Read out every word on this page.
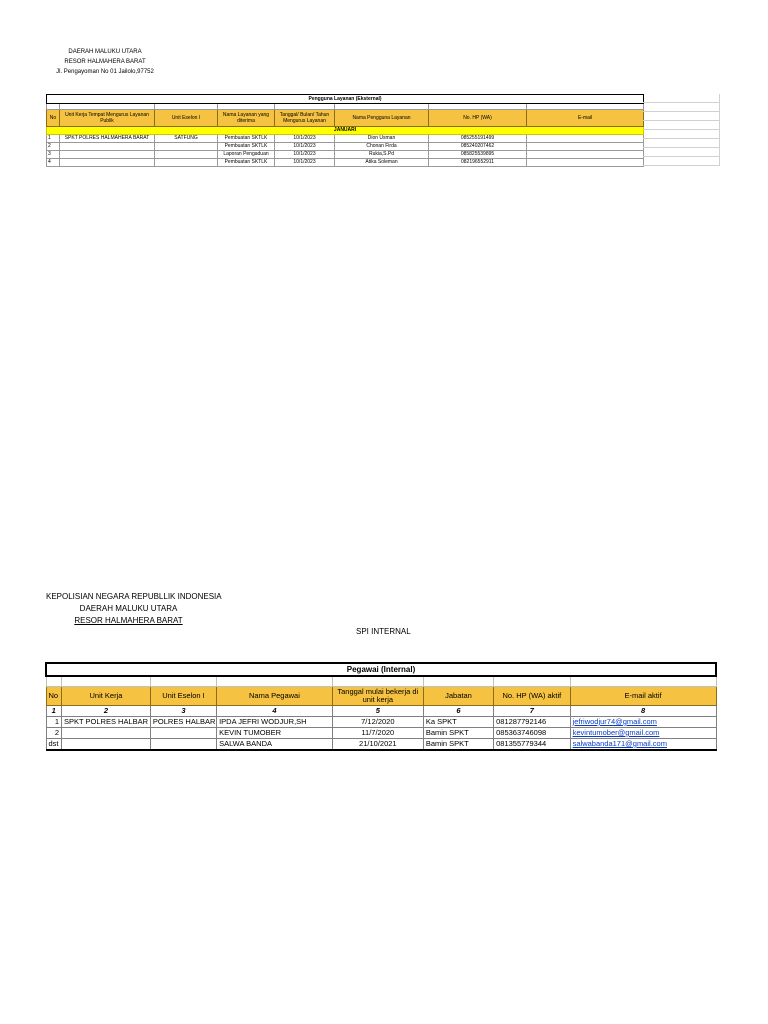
DAERAH MALUKU UTARA
RESOR HALMAHERA BARAT
Jl. Pengayoman No 01 Jailolo,97752
Pengguna Layanan (Eksternal)							

No	Unit Kerja Tempat Mengurus Layanan Publik	Unit Eselon I	Nama Layanan yang diterima	Tanggal/ Bulan/ Tahun Mengurus Layanan	Nama Pengguna Layanan	No. HP (WA)	E-mail
JANUARI							
1	SPKT POLRES HALMAHERA BARAT	SATFUNG	Pembuatan SKTLK	10/1/2023	Dion Usman	085255191499	
2			Pembuatan SKTLK	10/1/2023	Chonan Firda	085240207462	
3			Laporan Pengaduan	10/1/2023	Rukia,S.Pd	085825539895	
4			Pembuatan SKTLK	10/1/2023	Atika Soleman	082196552911	
KEPOLISIAN NEGARA REPUBLLIK INDONESIA
DAERAH MALUKU UTARA
RESOR HALMAHERA BARAT
SPI INTERNAL
Pegawai (Internal)							

No	Unit Kerja	Unit Eselon I	Nama Pegawai	Tanggal mulai bekerja di unit kerja	Jabatan	No. HP (WA) aktif	E-mail aktif
1	2	3	4	5	6	7	8
1	SPKT POLRES HALBAR	POLRES HALBAR	IPDA JEFRI WODJUR,SH	7/12/2020	Ka SPKT	081287792146	jefriwodjur74@gmail.com
2			KEVIN TUMOBER	11/7/2020	Bamin SPKT	085363746098	kevintumober@gmail.com
dst			SALWA BANDA	21/10/2021	Bamin SPKT	081355779344	salwabanda171@gmail.com
